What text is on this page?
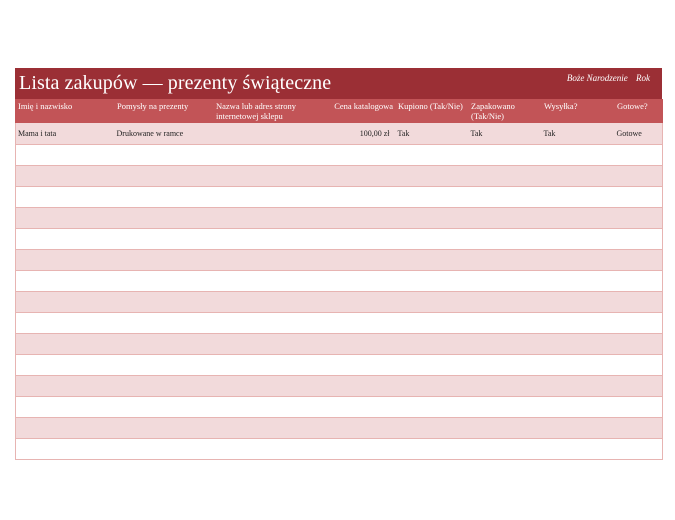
Lista zakupów — prezenty świąteczne	Boże Narodzenie Rok
Imię i nazwisko	Pomysły na prezenty	Nazwa lub adres strony internetowej sklepu	Cena katalogowa	Kupiono (Tak/Nie)	Zapakowano (Tak/Nie)	Wysyłka?	Gotowe?
Mama i tata	Drukowane w ramce		100,00 zł	Tak	Tak	Tak	Gotowe
